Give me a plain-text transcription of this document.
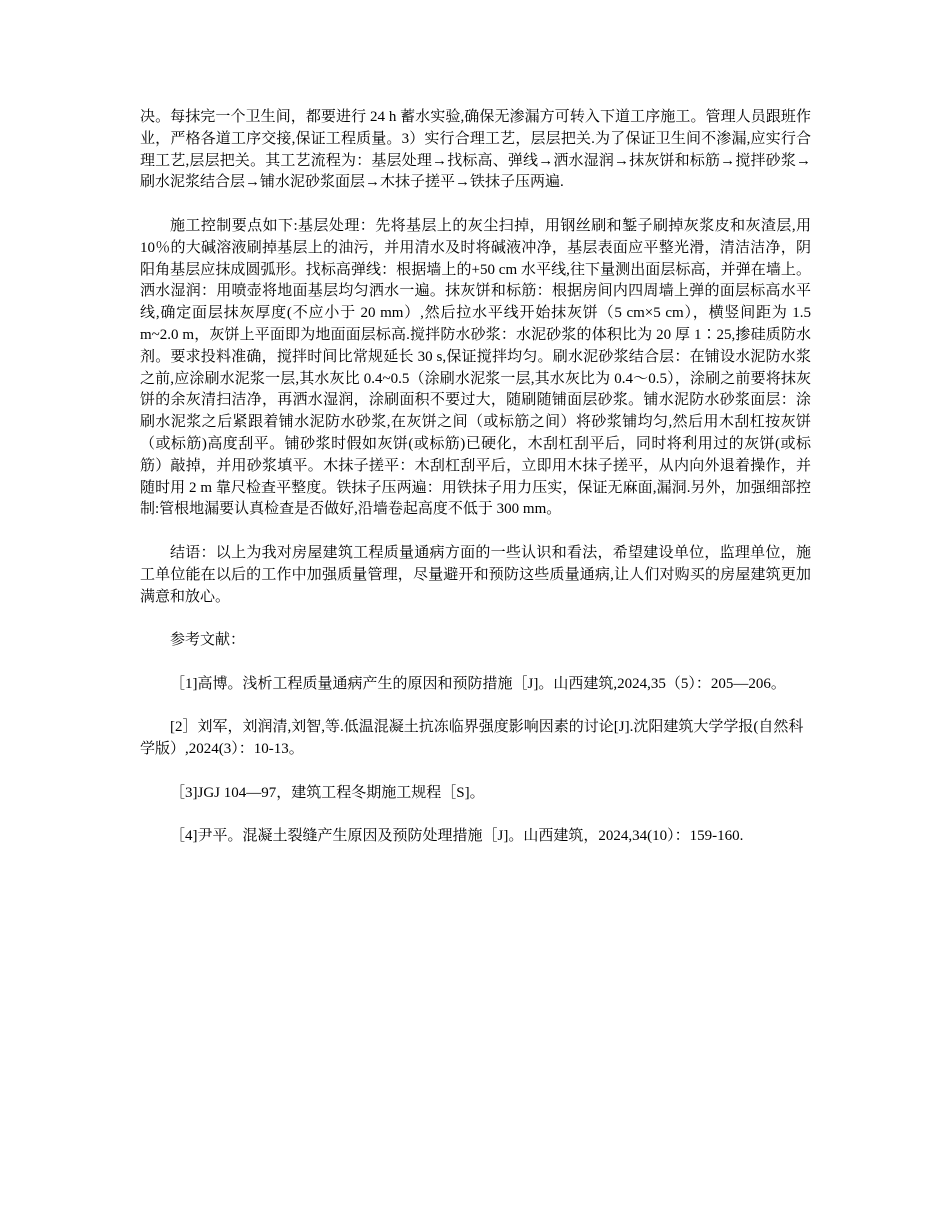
决。每抹完一个卫生间，都要进行 24 h 蓄水实验,确保无渗漏方可转入下道工序施工。管理人员跟班作业，严格各道工序交接,保证工程质量。3）实行合理工艺，层层把关.为了保证卫生间不渗漏,应实行合理工艺,层层把关。其工艺流程为：基层处理→找标高、弹线→洒水湿润→抹灰饼和标筋→搅拌砂浆→刷水泥浆结合层→铺水泥砂浆面层→木抹子搓平→铁抹子压两遍.

施工控制要点如下:基层处理：先将基层上的灰尘扫掉，用钢丝刷和錾子刷掉灰浆皮和灰渣层,用 10％的大碱溶液刷掉基层上的油污，并用清水及时将碱液冲净，基层表面应平整光滑，清洁洁净，阴阳角基层应抹成圆弧形。找标高弹线：根据墙上的+50 cm 水平线,往下量测出面层标高，并弹在墙上。洒水湿润：用喷壶将地面基层均匀洒水一遍。抹灰饼和标筋：根据房间内四周墙上弹的面层标高水平线,确定面层抹灰厚度(不应小于 20 mm）,然后拉水平线开始抹灰饼（5 cm×5 cm），横竖间距为 1.5 m~2.0 m，灰饼上平面即为地面面层标高.搅拌防水砂浆：水泥砂浆的体积比为 20 厚 1∶25,掺硅质防水剂。要求投料准确，搅拌时间比常规延长 30 s,保证搅拌均匀。刷水泥砂浆结合层：在铺设水泥防水浆之前,应涂刷水泥浆一层,其水灰比 0.4~0.5（涂刷水泥浆一层,其水灰比为 0.4～0.5），涂刷之前要将抹灰饼的余灰清扫洁净，再洒水湿润，涂刷面积不要过大，随刷随铺面层砂浆。铺水泥防水砂浆面层：涂刷水泥浆之后紧跟着铺水泥防水砂浆,在灰饼之间（或标筋之间）将砂浆铺均匀,然后用木刮杠按灰饼（或标筋)高度刮平。铺砂浆时假如灰饼(或标筋)已硬化，木刮杠刮平后，同时将利用过的灰饼(或标筋）敲掉，并用砂浆填平。木抹子搓平：木刮杠刮平后，立即用木抹子搓平，从内向外退着操作，并随时用 2 m 靠尺检查平整度。铁抹子压两遍：用铁抹子用力压实，保证无麻面,漏洞.另外，加强细部控制:管根地漏要认真检查是否做好,沿墙卷起高度不低于 300 mm。

结语：以上为我对房屋建筑工程质量通病方面的一些认识和看法，希望建设单位，监理单位，施工单位能在以后的工作中加强质量管理，尽量避开和预防这些质量通病,让人们对购买的房屋建筑更加满意和放心。

参考文献：

［1]高博。浅析工程质量通病产生的原因和预防措施［J]。山西建筑,2024,35（5）：205—206。

[2］刘军，刘润清,刘智,等.低温混凝土抗冻临界强度影响因素的讨论[J].沈阳建筑大学学报(自然科学版）,2024(3）：10-13。

［3]JGJ 104—97，建筑工程冬期施工规程［S]。

［4]尹平。混凝土裂缝产生原因及预防处理措施［J]。山西建筑，2024,34(10）：159-160.
